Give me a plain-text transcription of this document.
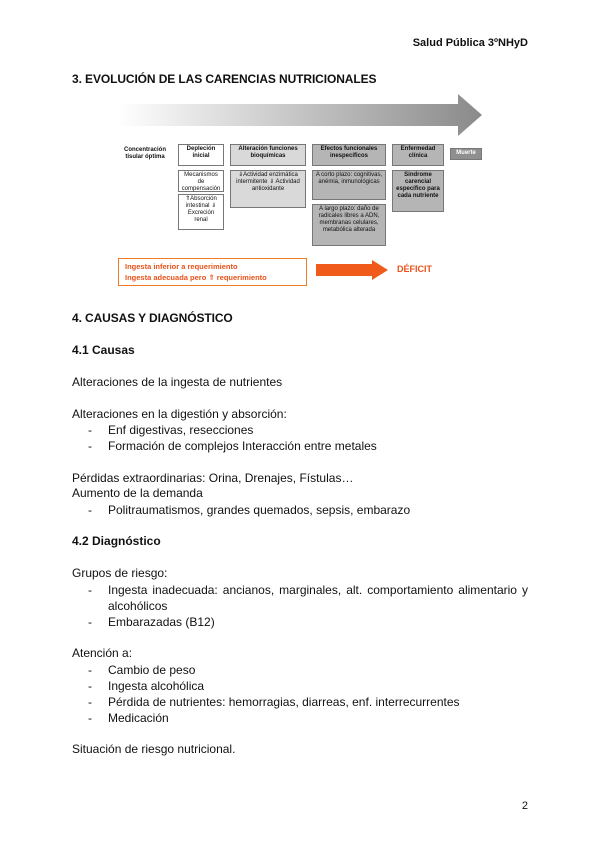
Salud Pública 3ºNHyD
3. EVOLUCIÓN DE LAS CARENCIAS NUTRICIONALES
Concentración tisular óptima
Depleción inicial
Mecanismos de compensación
⇑Absorción intestinal ⇓ Excreción renal
Alteración funciones bioquímicas
⇓Actividad enzimática intermitente ⇓ Actividad antioxidante
Efectos funcionales inespecíficos
A corto plazo: cognitivas, anémia, inmunológicas
A largo plazo: daño de radicales libres a ADN, membranas celulares, metabólica alterada
Enfermedad clínica
Síndrome carencial específico para cada nutriente
Muerte
Ingesta inferior a requerimiento
Ingesta adecuada pero ⇑ requerimiento
DÉFICIT
4. CAUSAS Y DIAGNÓSTICO
4.1 Causas
Alteraciones de la ingesta de nutrientes
Alteraciones en la digestión y absorción:
- Enf digestivas, resecciones
- Formación de complejos Interacción entre metales
Pérdidas extraordinarias: Orina, Drenajes, Fístulas…
Aumento de la demanda
- Politraumatismos, grandes quemados, sepsis, embarazo
4.2 Diagnóstico
Grupos de riesgo:
- Ingesta inadecuada: ancianos, marginales, alt. comportamiento alimentario y alcohólicos
- Embarazadas (B12)
Atención a:
- Cambio de peso
- Ingesta alcohólica
- Pérdida de nutrientes: hemorragias, diarreas, enf. interrecurrentes
- Medicación
Situación de riesgo nutricional.
2
